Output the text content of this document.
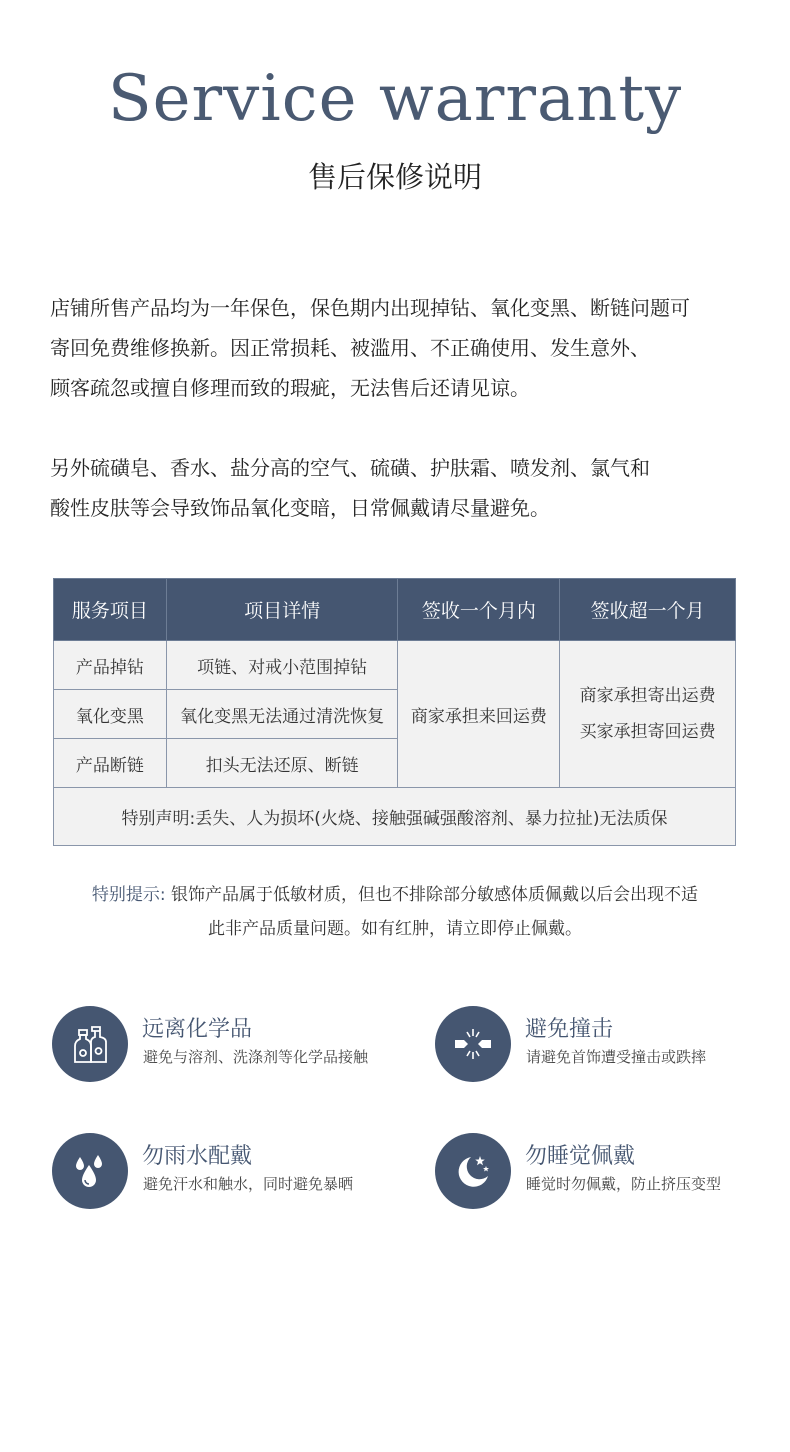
Service warranty
售后保修说明

店铺所售产品均为一年保色，保色期内出现掉钻、氧化变黑、断链问题可

寄回免费维修换新。因正常损耗、被滥用、不正确使用、发生意外、

顾客疏忽或擅自修理而致的瑕疵，无法售后还请见谅。

另外硫磺皂、香水、盐分高的空气、硫磺、护肤霜、喷发剂、氯气和

酸性皮肤等会导致饰品氧化变暗，日常佩戴请尽量避免。

服务项目	项目详情	签收一个月内	签收超一个月
产品掉钻	项链、对戒小范围掉钻	商家承担来回运费	商家承担寄出运费
买家承担寄回运费

氧化变黑	氧化变黑无法通过清洗恢复		
产品断链	扣头无法还原、断链		
特别声明:丢失、人为损坏(火烧、接触强碱强酸溶剂、暴力拉扯)无法质保			
特别提示: 银饰产品属于低敏材质，但也不排除部分敏感体质佩戴以后会出现不适
此非产品质量问题。如有红肿，请立即停止佩戴。
远离化学品
避免与溶剂、洗涤剂等化学品接触
避免撞击
请避免首饰遭受撞击或跌摔
勿雨水配戴
避免汗水和触水，同时避免暴晒
勿睡觉佩戴
睡觉时勿佩戴，防止挤压变型
